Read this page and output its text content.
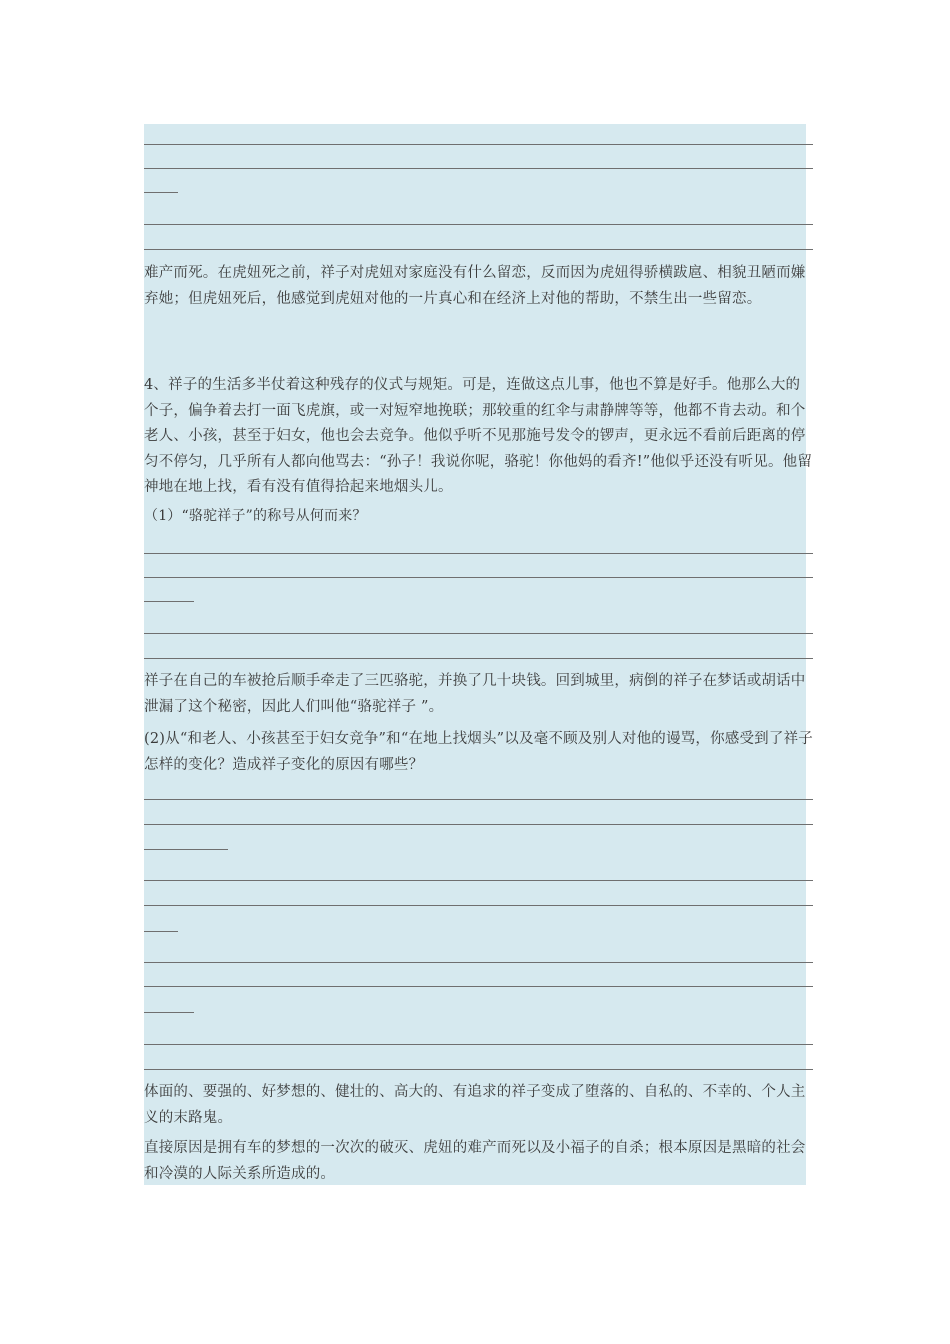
难产而死。在虎妞死之前，祥子对虎妞对家庭没有什么留恋，反而因为虎妞得骄横跋扈、相貌丑陋而嫌弃她；但虎妞死后，他感觉到虎妞对他的一片真心和在经济上对他的帮助，不禁生出一些留恋。
4、祥子的生活多半仗着这种残存的仪式与规矩。可是，连做这点儿事，他也不算是好手。他那么大的个子，偏争着去打一面飞虎旗，或一对短窄地挽联；那较重的红伞与肃静牌等等，他都不肯去动。和个老人、小孩，甚至于妇女，他也会去竞争。他似乎听不见那施号发令的锣声，更永远不看前后距离的停匀不停匀，几乎所有人都向他骂去：“孙子！我说你呢，骆驼！你他妈的看齐!”他似乎还没有听见。他留神地在地上找，看有没有值得拾起来地烟头儿。
（1）“骆驼祥子”的称号从何而来？
祥子在自己的车被抢后顺手牵走了三匹骆驼，并换了几十块钱。回到城里，病倒的祥子在梦话或胡话中泄漏了这个秘密，因此人们叫他“骆驼祥子 ”。
(2)从“和老人、小孩甚至于妇女竞争”和“在地上找烟头”以及毫不顾及别人对他的谩骂，你感受到了祥子怎样的变化？造成祥子变化的原因有哪些？
体面的、要强的、好梦想的、健壮的、高大的、有追求的祥子变成了堕落的、自私的、不幸的、个人主义的末路鬼。
直接原因是拥有车的梦想的一次次的破灭、虎妞的难产而死以及小福子的自杀；根本原因是黑暗的社会和冷漠的人际关系所造成的。
